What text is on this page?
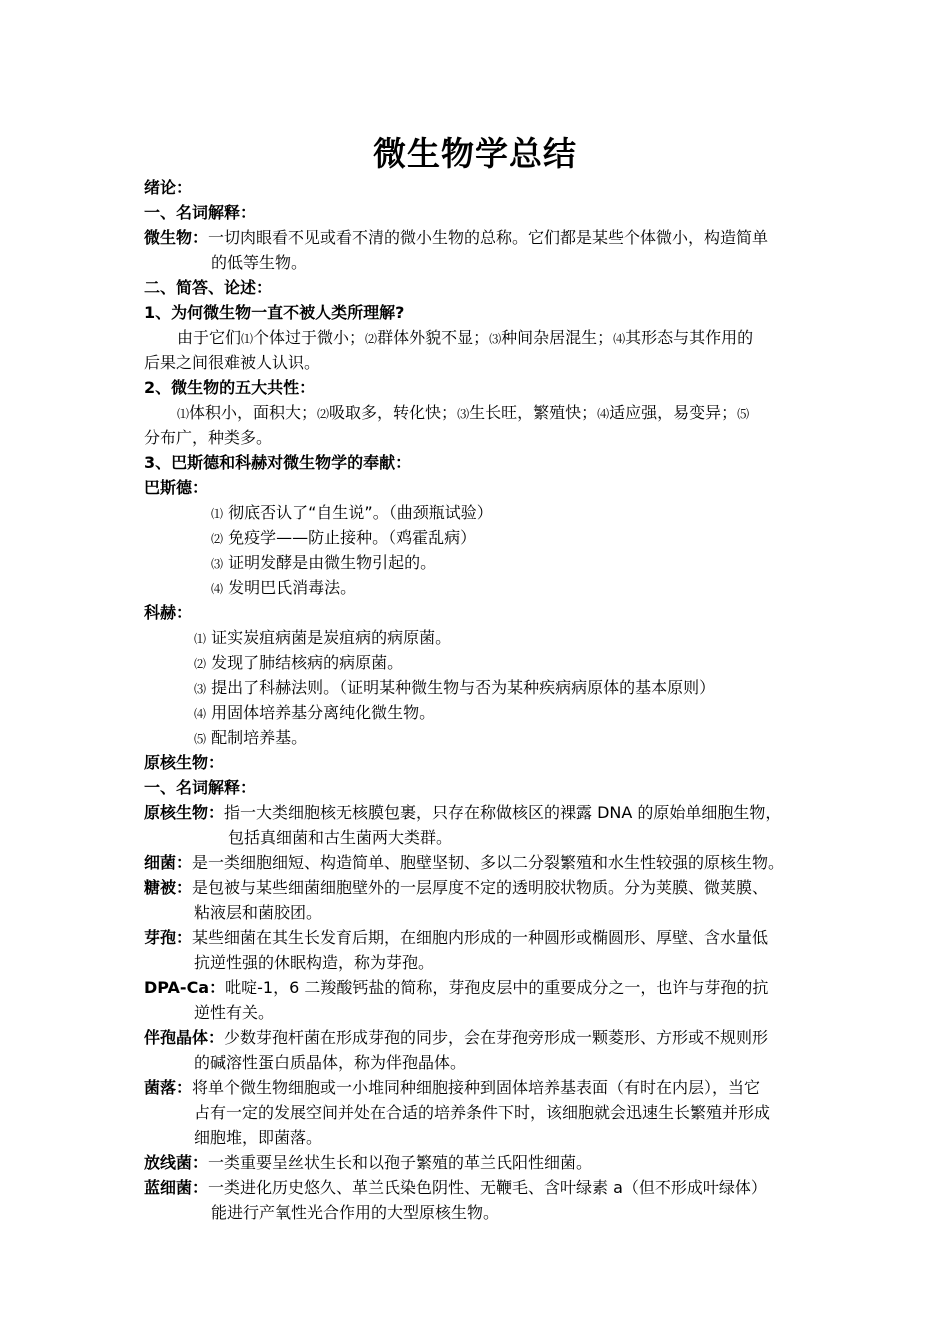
微生物学总结
绪论：
一、名词解释：
微生物：一切肉眼看不见或看不清的微小生物的总称。它们都是某些个体微小，构造简单
的低等生物。
二、简答、论述：
1、为何微生物一直不被人类所理解?
由于它们⑴个体过于微小；⑵群体外貌不显；⑶种间杂居混生；⑷其形态与其作用的
后果之间很难被人认识。
2、微生物的五大共性：
⑴体积小，面积大；⑵吸取多，转化快；⑶生长旺，繁殖快；⑷适应强，易变异；⑸
分布广，种类多。
3、巴斯德和科赫对微生物学的奉献：
巴斯德：
⑴ 彻底否认了“自生说”。（曲颈瓶试验）
⑵ 免疫学——防止接种。（鸡霍乱病）
⑶ 证明发酵是由微生物引起的。
⑷ 发明巴氏消毒法。
科赫：
⑴ 证实炭疽病菌是炭疽病的病原菌。
⑵ 发现了肺结核病的病原菌。
⑶ 提出了科赫法则。（证明某种微生物与否为某种疾病病原体的基本原则）
⑷ 用固体培养基分离纯化微生物。
⑸ 配制培养基。
原核生物：
一、名词解释：
原核生物：指一大类细胞核无核膜包裹，只存在称做核区的裸露 DNA 的原始单细胞生物，
包括真细菌和古生菌两大类群。
细菌：是一类细胞细短、构造简单、胞壁坚韧、多以二分裂繁殖和水生性较强的原核生物。
糖被：是包被与某些细菌细胞壁外的一层厚度不定的透明胶状物质。分为荚膜、微荚膜、
粘液层和菌胶团。
芽孢：某些细菌在其生长发育后期，在细胞内形成的一种圆形或椭圆形、厚壁、含水量低
抗逆性强的休眠构造，称为芽孢。
DPA-Ca：吡啶-1，6 二羧酸钙盐的简称，芽孢皮层中的重要成分之一，也许与芽孢的抗
逆性有关。
伴孢晶体：少数芽孢杆菌在形成芽孢的同步，会在芽孢旁形成一颗菱形、方形或不规则形
的碱溶性蛋白质晶体，称为伴孢晶体。
菌落：将单个微生物细胞或一小堆同种细胞接种到固体培养基表面（有时在内层），当它
占有一定的发展空间并处在合适的培养条件下时，该细胞就会迅速生长繁殖并形成
细胞堆，即菌落。
放线菌：一类重要呈丝状生长和以孢子繁殖的革兰氏阳性细菌。
蓝细菌：一类进化历史悠久、革兰氏染色阴性、无鞭毛、含叶绿素 a（但不形成叶绿体）
能进行产氧性光合作用的大型原核生物。
